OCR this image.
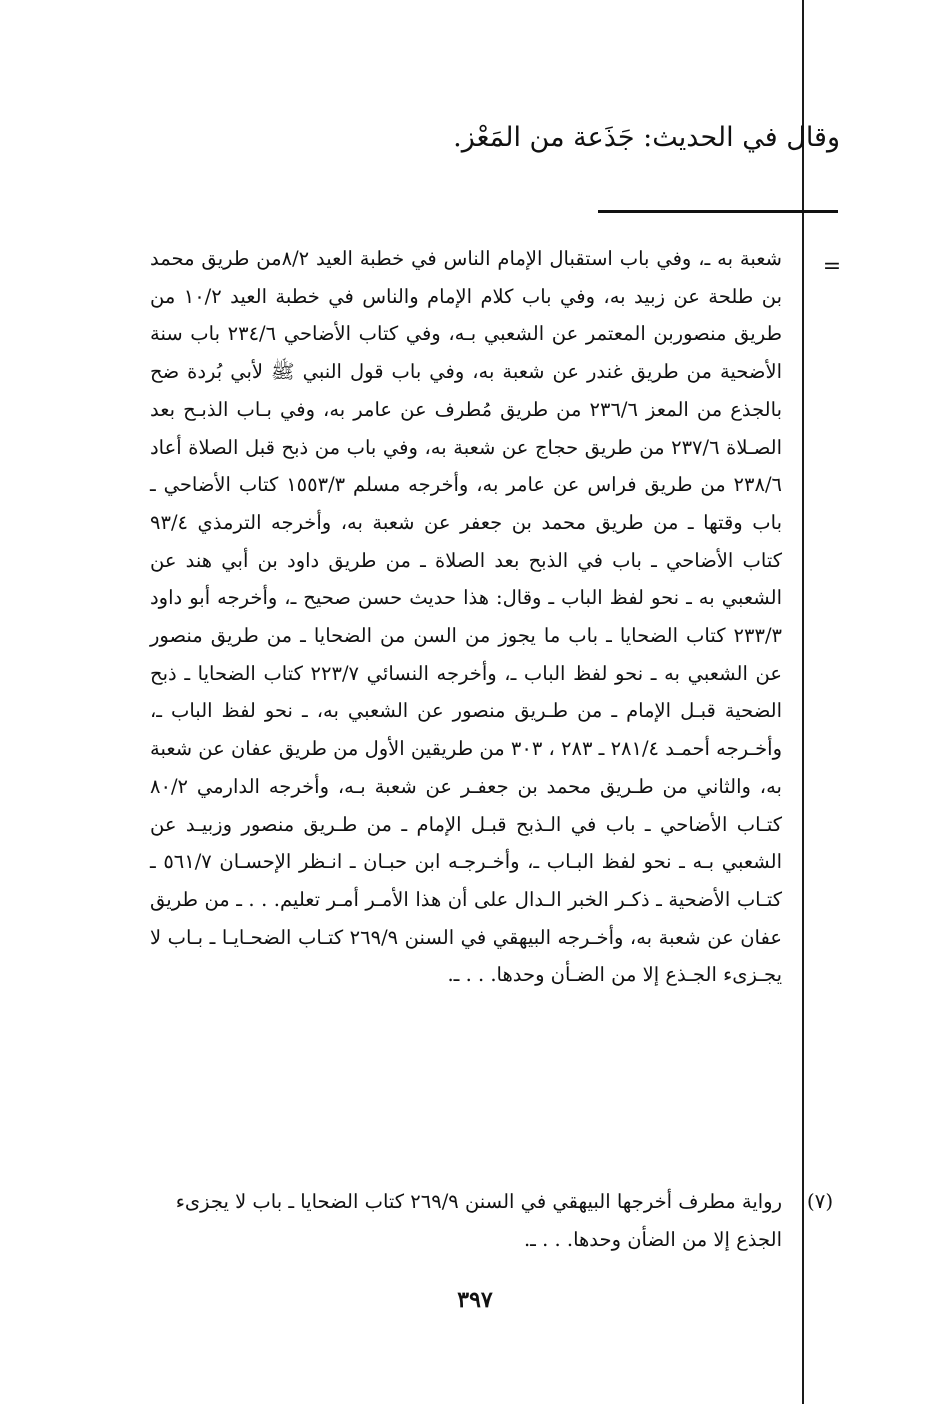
وقال في الحديث: جَذَعة من المَعْز.
=
شعبة به ـ، وفي باب استقبال الإمام الناس في خطبة العيد ٨/٢من طريق محمد بن طلحة عن زبيد به، وفي باب كلام الإمام والناس في خطبة العيد ١٠/٢ من طريق منصوربن المعتمر عن الشعبي بـه، وفي كتاب الأضاحي ٢٣٤/٦ باب سنة الأضحية من طريق غندر عن شعبة به، وفي باب قول النبي ﷺ لأبي بُردة ضح بالجذع من المعز ٢٣٦/٦ من طريق مُطرف عن عامر به، وفي بـاب الذبـح بعد الصـلاة ٢٣٧/٦ من طريق حجاج عن شعبة به، وفي باب من ذبح قبل الصلاة أعاد ٢٣٨/٦ من طريق فراس عن عامر به، وأخرجه مسلم ١٥٥٣/٣ كتاب الأضاحي ـ باب وقتها ـ من طريق محمد بن جعفر عن شعبة به، وأخرجه الترمذي ٩٣/٤ كتاب الأضاحي ـ باب في الذبح بعد الصلاة ـ من طريق داود بن أبي هند عن الشعبي به ـ نحو لفظ الباب ـ وقال: هذا حديث حسن صحيح ـ، وأخرجه أبو داود ٢٣٣/٣ كتاب الضحايا ـ باب ما يجوز من السن من الضحايا ـ من طريق منصور عن الشعبي به ـ نحو لفظ الباب ـ، وأخرجه النسائي ٢٢٣/٧ كتاب الضحايا ـ ذبح الضحية قبـل الإمام ـ من طـريق منصور عن الشعبي به، ـ نحو لفظ الباب ـ، وأخـرجه أحمـد ٢٨١/٤ ـ ٢٨٣ ، ٣٠٣ من طريقين الأول من طريق عفان عن شعبة به، والثاني من طـريق محمد بن جعفـر عن شعبة بـه، وأخرجه الدارمي ٨٠/٢ كتـاب الأضاحي ـ باب في الـذبح قبـل الإمام ـ من طـريق منصور وزبيـد عن الشعبي بـه ـ نحو لفظ البـاب ـ، وأخـرجـه ابن حبـان ـ انـظر الإحسـان ٥٦١/٧ ـ كتـاب الأضحية ـ ذكـر الخبر الـدال على أن هذا الأمـر أمـر تعليم. . . ـ من طريق عفان عن شعبة به، وأخـرجه البيهقي في السنن ٢٦٩/٩ كتـاب الضحـايـا ـ بـاب لا يجـزىء الجـذع إلا من الضـأن وحدها. . . ـ.
(٧)
رواية مطرف أخرجها البيهقي في السنن ٢٦٩/٩ كتاب الضحايا ـ باب لا يجزىء الجذع إلا من الضأن وحدها. . . ـ.
٣٩٧
